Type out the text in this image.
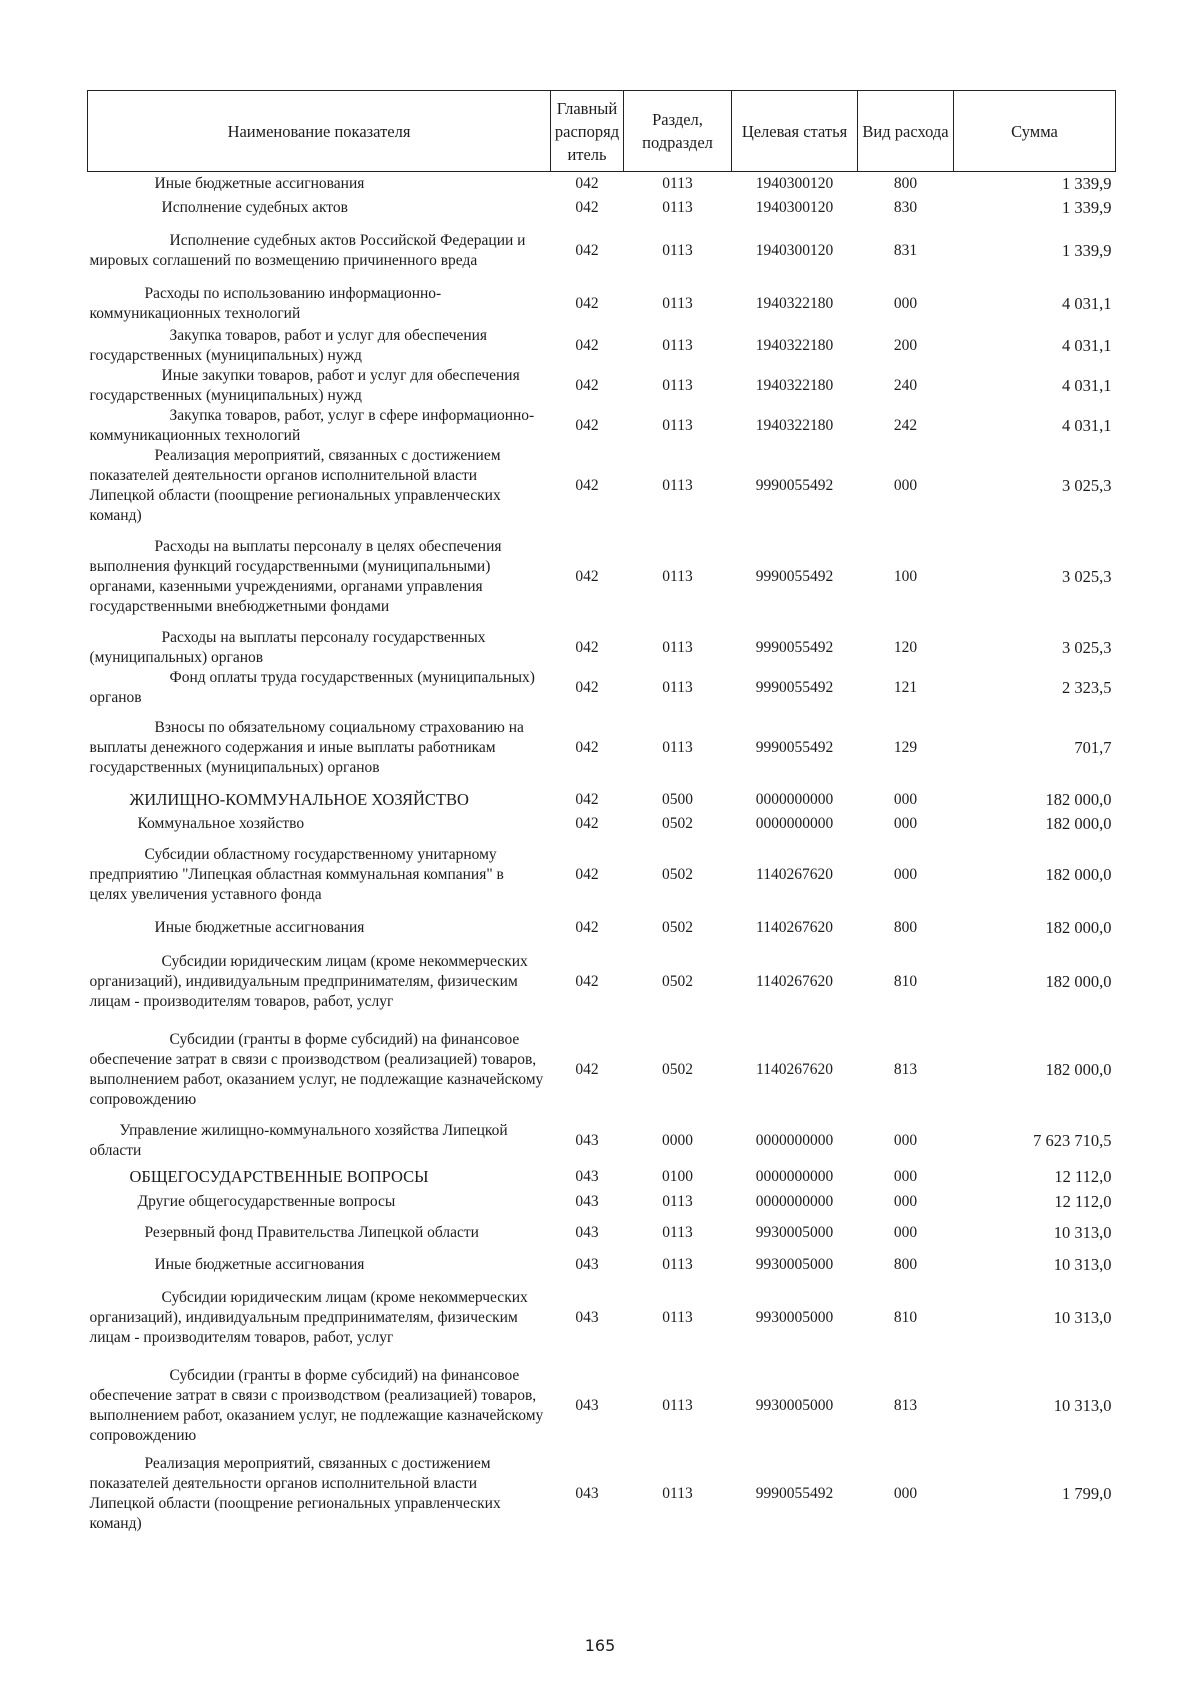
Наименование показателя	Главный распоряд итель	Раздел, подраздел	Целевая статья	Вид расхода	Сумма
Иные бюджетные ассигнования	042	0113	1940300120	800	1 339,9
Исполнение судебных актов	042	0113	1940300120	830	1 339,9
Исполнение судебных актов Российской Федерации и мировых соглашений по возмещению причиненного вреда	042	0113	1940300120	831	1 339,9
Расходы по использованию информационно-коммуникационных технологий	042	0113	1940322180	000	4 031,1
Закупка товаров, работ и услуг для обеспечения государственных (муниципальных) нужд	042	0113	1940322180	200	4 031,1
Иные закупки товаров, работ и услуг для обеспечения государственных (муниципальных) нужд	042	0113	1940322180	240	4 031,1
Закупка товаров, работ, услуг в сфере информационно-коммуникационных технологий	042	0113	1940322180	242	4 031,1
Реализация мероприятий, связанных с достижением показателей деятельности органов исполнительной власти Липецкой области (поощрение региональных управленческих команд)	042	0113	9990055492	000	3 025,3
Расходы на выплаты персоналу в целях обеспечения выполнения функций государственными (муниципальными) органами, казенными учреждениями, органами управления государственными внебюджетными фондами	042	0113	9990055492	100	3 025,3
Расходы на выплаты персоналу государственных (муниципальных) органов	042	0113	9990055492	120	3 025,3
Фонд оплаты труда государственных (муниципальных) органов	042	0113	9990055492	121	2 323,5
Взносы по обязательному социальному страхованию на выплаты денежного содержания и иные выплаты работникам государственных (муниципальных) органов	042	0113	9990055492	129	701,7
ЖИЛИЩНО-КОММУНАЛЬНОЕ ХОЗЯЙСТВО	042	0500	0000000000	000	182 000,0
Коммунальное хозяйство	042	0502	0000000000	000	182 000,0
Субсидии областному государственному унитарному предприятию "Липецкая областная коммунальная компания" в целях увеличения уставного фонда	042	0502	1140267620	000	182 000,0
Иные бюджетные ассигнования	042	0502	1140267620	800	182 000,0
Субсидии юридическим лицам (кроме некоммерческих организаций), индивидуальным предпринимателям, физическим лицам - производителям товаров, работ, услуг	042	0502	1140267620	810	182 000,0
Субсидии (гранты в форме субсидий) на финансовое обеспечение затрат в связи с производством (реализацией) товаров, выполнением работ, оказанием услуг, не подлежащие казначейскому сопровождению	042	0502	1140267620	813	182 000,0
Управление жилищно-коммунального хозяйства Липецкой области	043	0000	0000000000	000	7 623 710,5
ОБЩЕГОСУДАРСТВЕННЫЕ ВОПРОСЫ	043	0100	0000000000	000	12 112,0
Другие общегосударственные вопросы	043	0113	0000000000	000	12 112,0
Резервный фонд Правительства Липецкой области	043	0113	9930005000	000	10 313,0
Иные бюджетные ассигнования	043	0113	9930005000	800	10 313,0
Субсидии юридическим лицам (кроме некоммерческих организаций), индивидуальным предпринимателям, физическим лицам - производителям товаров, работ, услуг	043	0113	9930005000	810	10 313,0
Субсидии (гранты в форме субсидий) на финансовое обеспечение затрат в связи с производством (реализацией) товаров, выполнением работ, оказанием услуг, не подлежащие казначейскому сопровождению	043	0113	9930005000	813	10 313,0
Реализация мероприятий, связанных с достижением показателей деятельности органов исполнительной власти Липецкой области (поощрение региональных управленческих команд)	043	0113	9990055492	000	1 799,0
165
